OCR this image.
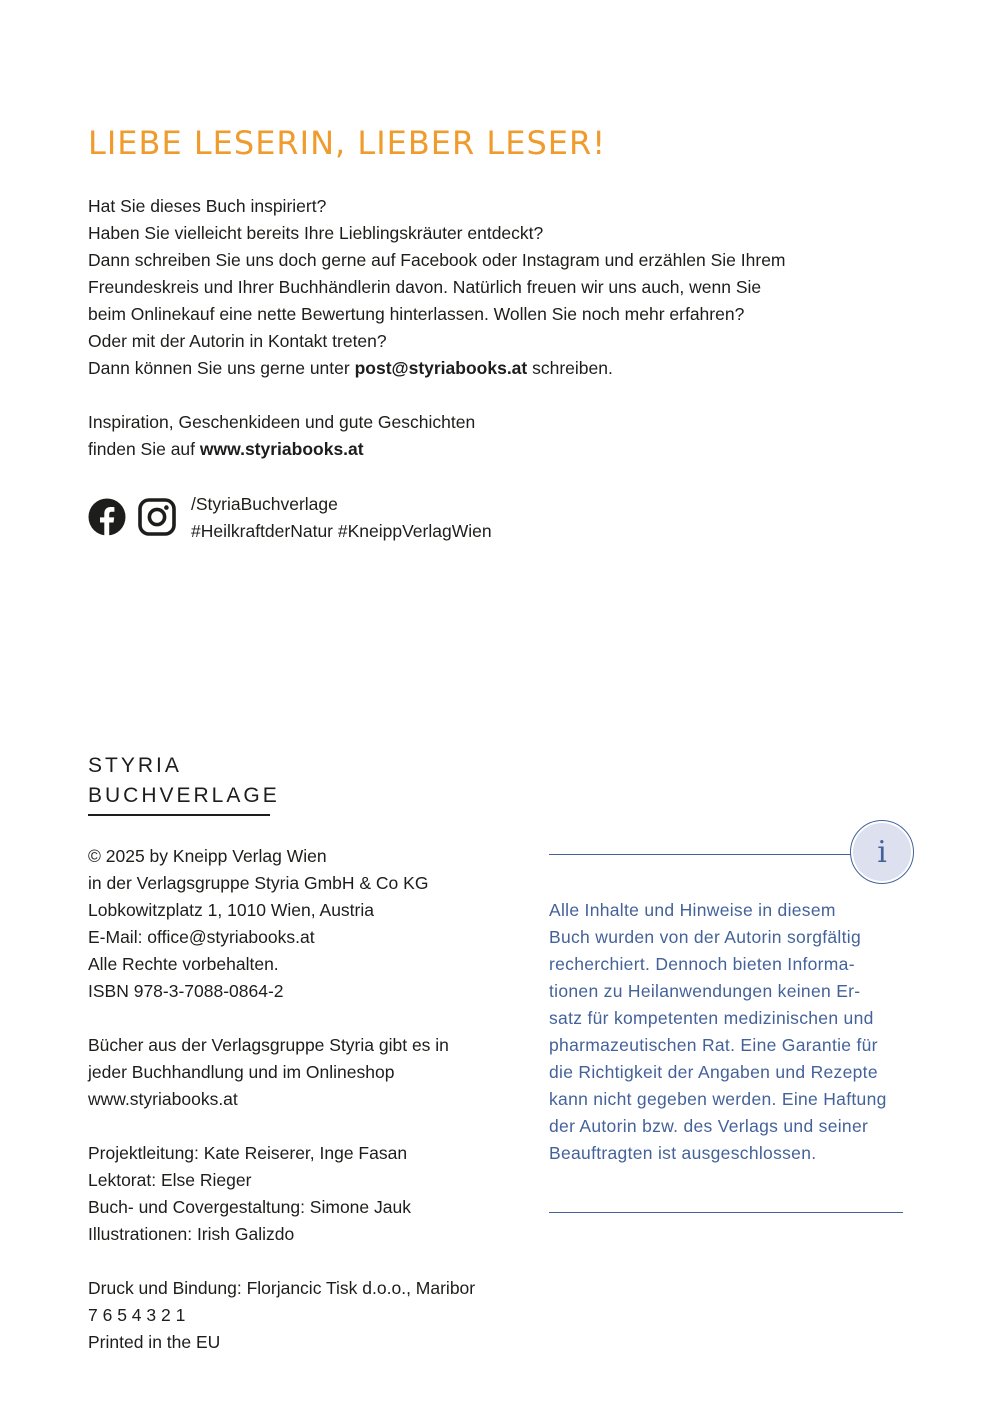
LIEBE LESERIN, LIEBER LESER!
Hat Sie dieses Buch inspiriert?
Haben Sie vielleicht bereits Ihre Lieblingskräuter entdeckt?
Dann schreiben Sie uns doch gerne auf Facebook oder Instagram und erzählen Sie Ihrem
Freundeskreis und Ihrer Buchhändlerin davon. Natürlich freuen wir uns auch, wenn Sie
beim Onlinekauf eine nette Bewertung hinterlassen. Wollen Sie noch mehr erfahren?
Oder mit der Autorin in Kontakt treten?
Dann können Sie uns gerne unter post@styriabooks.at schreiben.
Inspiration, Geschenkideen und gute Geschichten
finden Sie auf www.styriabooks.at
/StyriaBuchverlage
#HeilkraftderNatur #KneippVerlagWien
STYRIA
BUCHVERLAGE
© 2025 by Kneipp Verlag Wien
in der Verlagsgruppe Styria GmbH & Co KG
Lobkowitzplatz 1, 1010 Wien, Austria
E-Mail: office@styriabooks.at
Alle Rechte vorbehalten.
ISBN 978-3-7088-0864-2
Bücher aus der Verlagsgruppe Styria gibt es in
jeder Buchhandlung und im Onlineshop
www.styriabooks.at
Projektleitung: Kate Reiserer, Inge Fasan
Lektorat: Else Rieger
Buch- und Covergestaltung: Simone Jauk
Illustrationen: Irish Galizdo
Druck und Bindung: Florjancic Tisk d.o.o., Maribor
7 6 5 4 3 2 1
Printed in the EU
i
Alle Inhalte und Hinweise in diesem
Buch wurden von der Autorin sorgfältig
recherchiert. Dennoch bieten Informa-
tionen zu Heilanwendungen keinen Er-
satz für kompetenten medizinischen und
pharmazeutischen Rat. Eine Garantie für
die Richtigkeit der Angaben und Rezepte
kann nicht gegeben werden. Eine Haftung
der Autorin bzw. des Verlags und seiner
Beauftragten ist ausgeschlossen.
